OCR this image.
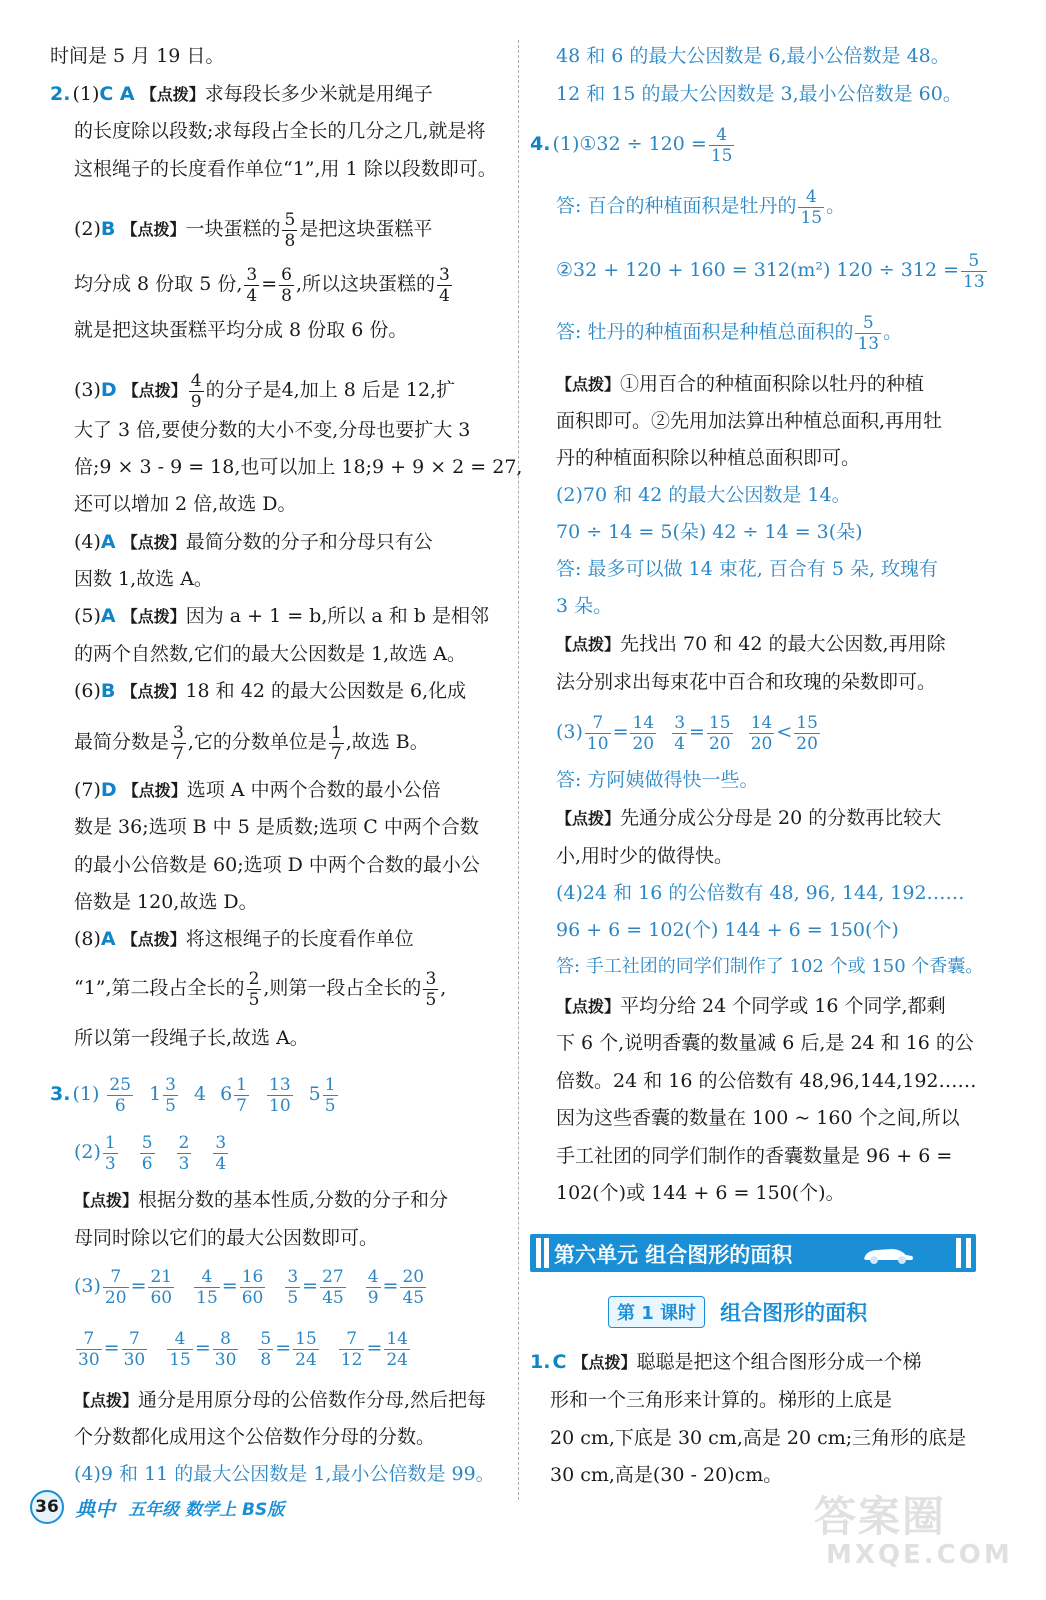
时间是 5 月 19 日。
2. (1)C A 【点拨】求每段长多少米就是用绳子
的长度除以段数;求每段占全长的几分之几,就是将
这根绳子的长度看作单位“1”,用 1 除以段数即可。
(2)B 【点拨】一块蛋糕的 $\frac{5}{8}$ 是把这块蛋糕平
均分成 8 份取 5 份, $\frac{3}{4} = \frac{6}{8}$ ,所以这块蛋糕的 $\frac{3}{4}$
就是把这块蛋糕平均分成 8 份取 6 份。
(3)D 【点拨】 $\frac{4}{9}$ 的分子是4,加上 8 后是 12,扩
大了 3 倍,要使分数的大小不变,分母也要扩大 3
倍;9 × 3 - 9 = 18,也可以加上 18;9 + 9 × 2 = 27,
还可以增加 2 倍,故选 D。
(4)A 【点拨】最简分数的分子和分母只有公
因数 1,故选 A。
(5)A 【点拨】因为 a + 1 = b,所以 a 和 b 是相邻
的两个自然数,它们的最大公因数是 1,故选 A。
(6)B 【点拨】18 和 42 的最大公因数是 6,化成
最简分数是 $\frac{3}{7}$ ,它的分数单位是 $\frac{1}{7}$ ,故选 B。
(7)D 【点拨】选项 A 中两个合数的最小公倍
数是 36;选项 B 中 5 是质数;选项 C 中两个合数
的最小公倍数是 60;选项 D 中两个合数的最小公
倍数是 120,故选 D。
(8)A 【点拨】将这根绳子的长度看作单位
“1”,第二段占全长的 $\frac{2}{5}$ ,则第一段占全长的 $\frac{3}{5}$ ,
所以第一段绳子长,故选 A。
3. $(1) \frac{25}{6} 1 \frac{3}{5} 4$ $6 \frac{1}{7} \frac{13}{10} 5 \frac{1}{5}$
$(2) \frac{1}{3} \frac{5}{6} \frac{2}{3} \frac{3}{4}$
【点拨】根据分数的基本性质,分数的分子和分
母同时除以它们的最大公因数即可。
$(3) \frac{7}{20} = \frac{21}{60} \frac{4}{15} = \frac{16}{60} \frac{3}{5} = \frac{27}{45} \frac{4}{9} = \frac{20}{45}$
$\frac{7}{30} = \frac{7}{30} \frac{4}{15} = \frac{8}{30} \frac{5}{8} = \frac{15}{24} \frac{7}{12} = \frac{14}{24}$
【点拨】通分是用原分母的公倍数作分母,然后把每
个分数都化成用这个公倍数作分母的分数。
(4)9 和 11 的最大公因数是 1,最小公倍数是 99。
48 和 6 的最大公因数是 6,最小公倍数是 48。
12 和 15 的最大公因数是 3,最小公倍数是 60。
4. (1)①32 ÷ $120 = \frac{4}{15}$
答: 百合的种植面积是牡丹的 $\frac{4}{15}$ 。
②32 + 120 + 160 = 312(m²) $120 \div 312 = \frac{5}{13}$
答: 牡丹的种植面积是种植总面积的 $\frac{5}{13}$ 。
【点拨】①用百合的种植面积除以牡丹的种植
面积即可。②先用加法算出种植总面积,再用牡
丹的种植面积除以种植总面积即可。
(2)70 和 42 的最大公因数是 14。
70 ÷ 14 = 5(朵) 42 ÷ 14 = 3(朵)
答: 最多可以做 14 束花, 百合有 5 朵, 玫瑰有
3 朵。
【点拨】先找出 70 和 42 的最大公因数,再用除
法分别求出每束花中百合和玫瑰的朵数即可。
$(3) \frac{7}{10} = \frac{14}{20}$
$\frac{3}{4} = \frac{15}{20}$
$\frac{14}{20} < \frac{15}{20}$
答: 方阿姨做得快一些。
【点拨】先通分成公分母是 20 的分数再比较大
小,用时少的做得快。
(4)24 和 16 的公倍数有 48, 96, 144, 192……
96 + 6 = 102(个) 144 + 6 = 150(个)
答: 手工社团的同学们制作了 102 个或 150 个香囊。
【点拨】平均分给 24 个同学或 16 个同学,都剩
下 6 个,说明香囊的数量减 6 后,是 24 和 16 的公
倍数。24 和 16 的公倍数有 48,96,144,192……
因为这些香囊的数量在 100 ~ 160 个之间,所以
手工社团的同学们制作的香囊数量是 96 + 6 =
102(个)或 144 + 6 = 150(个)。
1. C 【点拨】聪聪是把这个组合图形分成一个梯
形和一个三角形来计算的。梯形的上底是
20 cm,下底是 30 cm,高是 20 cm;三角形的底是
30 cm,高是(30 - 20)cm。
第六单元 组合图形的面积
第 1 课时 组合图形的面积
36 典中 五年级 数学上 BS版	答案圈
MXQE.COM
